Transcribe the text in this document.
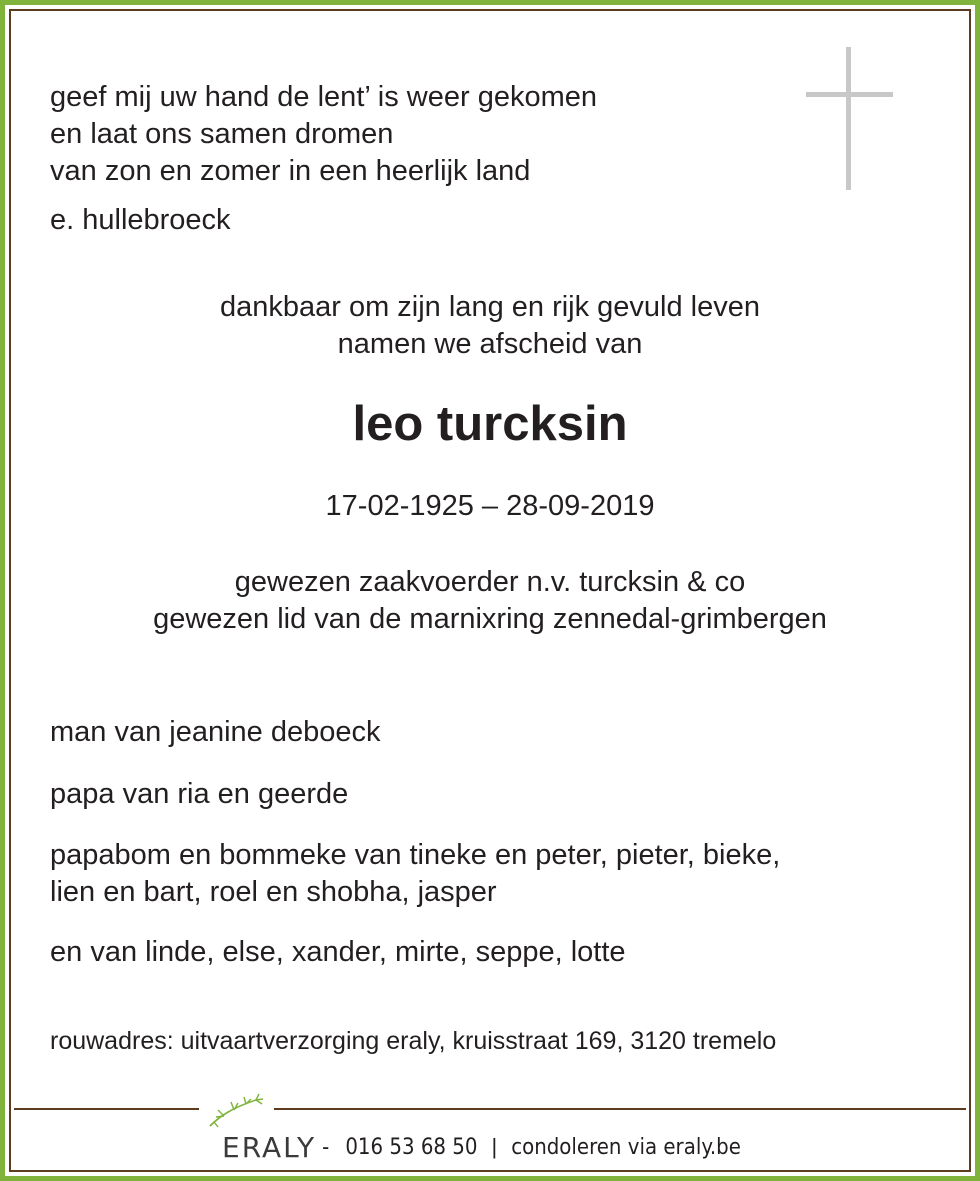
geef mij uw hand de lent’ is weer gekomen
en laat ons samen dromen
van zon en zomer in een heerlijk land
e. hullebroeck
dankbaar om zijn lang en rijk gevuld leven
namen we afscheid van
leo turcksin
17-02-1925 – 28-09-2019
gewezen zaakvoerder n.v. turcksin & co
gewezen lid van de marnixring zennedal-grimbergen
man van jeanine deboeck
papa van ria en geerde
papabom en bommeke van tineke en peter, pieter, bieke,
lien en bart, roel en shobha, jasper
en van linde, else, xander, mirte, seppe, lotte
rouwadres: uitvaartverzorging eraly, kruisstraat 169, 3120 tremelo
ERALY - 016 53 68 50 | condoleren via eraly.be
